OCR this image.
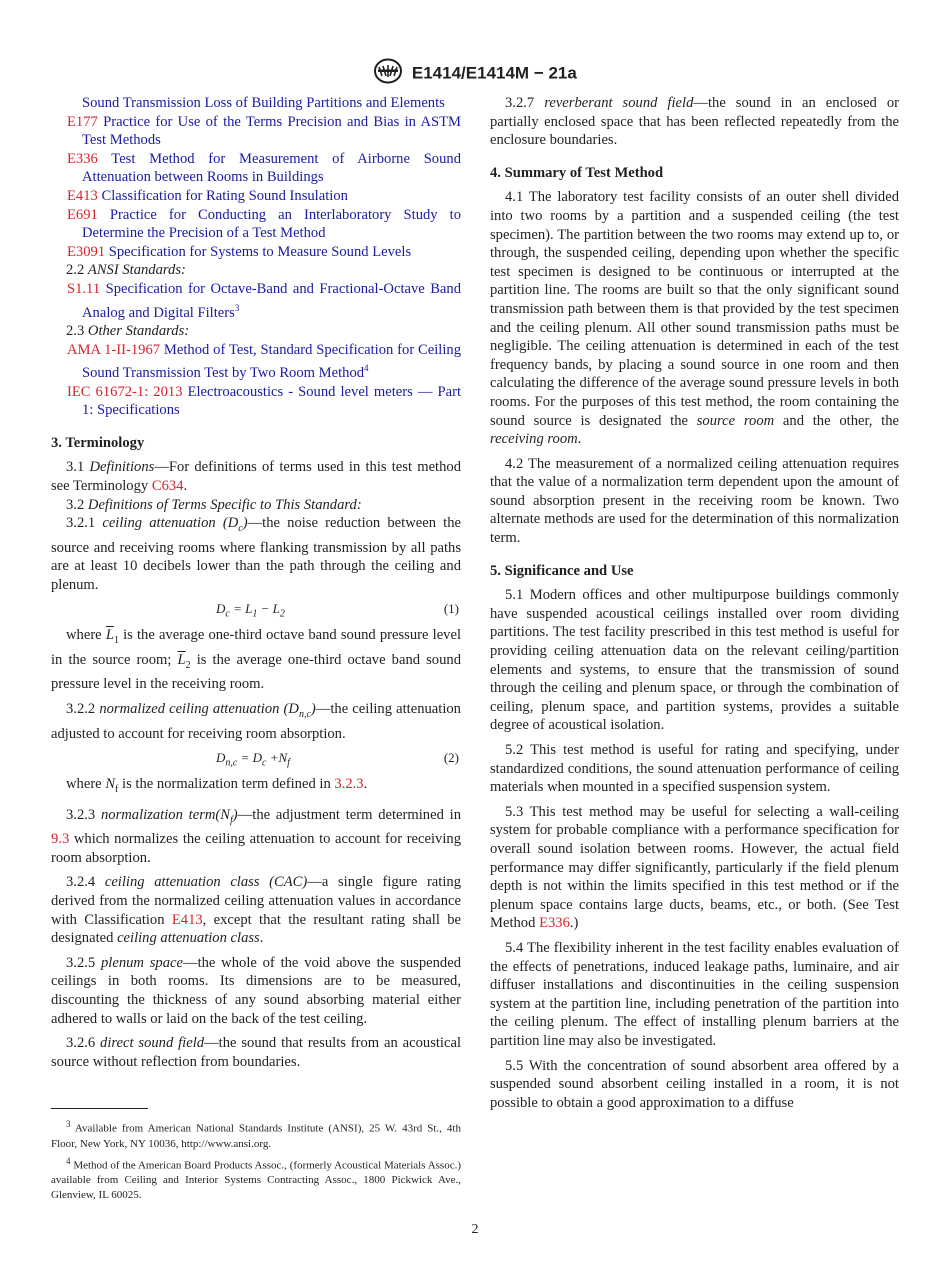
E1414/E1414M − 21a

Sound Transmission Loss of Building Partitions and Elements

E177 Practice for Use of the Terms Precision and Bias in ASTM Test Methods

E336 Test Method for Measurement of Airborne Sound Attenuation between Rooms in Buildings

E413 Classification for Rating Sound Insulation

E691 Practice for Conducting an Interlaboratory Study to Determine the Precision of a Test Method

E3091 Specification for Systems to Measure Sound Levels

2.2 ANSI Standards:

S1.11 Specification for Octave-Band and Fractional-Octave Band Analog and Digital Filters$^3$

2.3 Other Standards:

AMA 1-II-1967 Method of Test, Standard Specification for Ceiling Sound Transmission Test by Two Room Method$^4$

IEC 61672-1: 2013 Electroacoustics - Sound level meters — Part 1: Specifications

3. Terminology

3.1 Definitions—For definitions of terms used in this test method see Terminology C634.

3.2 Definitions of Terms Specific to This Standard:

3.2.1 ceiling attenuation $(D_c)—the$ noise reduction between the source and receiving rooms where flanking transmission by all paths are at least 10 decibels lower than the path through the ceiling and plenum.

$D_c = L_1 - L_2$	(1)

where $\overline{L}_1$ is the average one-third octave band sound pressure level in the source room; $\overline{L}_2$ is the average one-third octave band sound pressure level in the receiving room.

3.2.2 normalized ceiling attenuation $(D_{n,c})—the$ ceiling attenuation adjusted to account for receiving room absorption.

$D_{n,c} = D_c +N_f$	(2)

where $N_f$ is the normalization term defined in 3.2.3.

3.2.3 normalization $term(N_f)—the$ adjustment term determined in 9.3 which normalizes the ceiling attenuation to account for receiving room absorption.

3.2.4 ceiling attenuation class (CAC)—a single figure rating derived from the normalized ceiling attenuation values in accordance with Classification E413, except that the resultant rating shall be designated ceiling attenuation class.

3.2.5 plenum space—the whole of the void above the suspended ceilings in both rooms. Its dimensions are to be measured, discounting the thickness of any sound absorbing material either adhered to walls or laid on the back of the test ceiling.

3.2.6 direct sound field—the sound that results from an acoustical source without reflection from boundaries.

$^3$ Available from American National Standards Institute (ANSI), 25 W. 43rd St., 4th Floor, New York, NY 10036, http://www.ansi.org.

$^4$ Method of the American Board Products Assoc., (formerly Acoustical Materials Assoc.) available from Ceiling and Interior Systems Contracting Assoc., 1800 Pickwick Ave., Glenview, IL 60025.

3.2.7 reverberant sound field—the sound in an enclosed or partially enclosed space that has been reflected repeatedly from the enclosure boundaries.

4. Summary of Test Method

4.1 The laboratory test facility consists of an outer shell divided into two rooms by a partition and a suspended ceiling (the test specimen). The partition between the two rooms may extend up to, or through, the suspended ceiling, depending upon whether the specific test specimen is designed to be continuous or interrupted at the partition line. The rooms are built so that the only significant sound transmission path between them is that provided by the test specimen and the ceiling plenum. All other sound transmission paths must be negligible. The ceiling attenuation is determined in each of the test frequency bands, by placing a sound source in one room and then calculating the difference of the average sound pressure levels in both rooms. For the purposes of this test method, the room containing the sound source is designated the source room and the other, the receiving room.

4.2 The measurement of a normalized ceiling attenuation requires that the value of a normalization term dependent upon the amount of sound absorption present in the receiving room be known. Two alternate methods are used for the determination of this normalization term.

5. Significance and Use

5.1 Modern offices and other multipurpose buildings commonly have suspended acoustical ceilings installed over room dividing partitions. The test facility prescribed in this test method is useful for providing ceiling attenuation data on the relevant ceiling/partition elements and systems, to ensure that the transmission of sound through the ceiling and plenum space, or through the combination of ceiling, plenum space, and partition systems, provides a suitable degree of acoustical isolation.

5.2 This test method is useful for rating and specifying, under standardized conditions, the sound attenuation performance of ceiling materials when mounted in a specified suspension system.

5.3 This test method may be useful for selecting a wall-ceiling system for probable compliance with a performance specification for overall sound isolation between rooms. However, the actual field performance may differ significantly, particularly if the field plenum depth is not within the limits specified in this test method or if the plenum space contains large ducts, beams, etc., or both. (See Test Method E336.)

5.4 The flexibility inherent in the test facility enables evaluation of the effects of penetrations, induced leakage paths, luminaire, and air diffuser installations and discontinuities in the ceiling suspension system at the partition line, including penetration of the partition into the ceiling plenum. The effect of installing plenum barriers at the partition line may also be investigated.

5.5 With the concentration of sound absorbent area offered by a suspended sound absorbent ceiling installed in a room, it is not possible to obtain a good approximation to a diffuse

2
